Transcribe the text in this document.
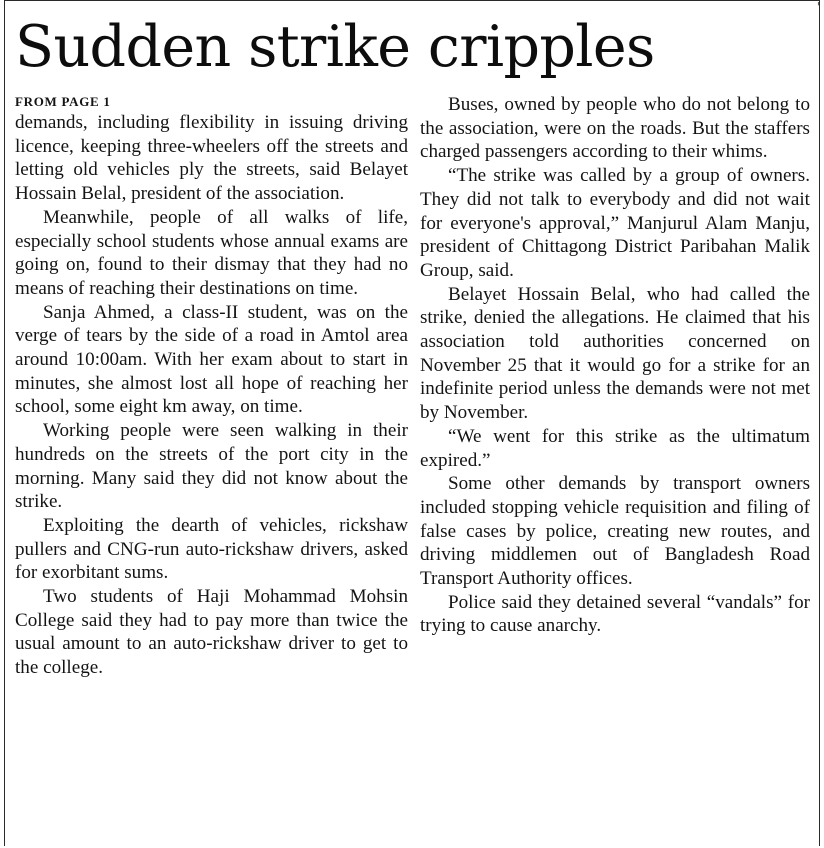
'
Sudden strike cripples
FROM PAGE 1

demands, including flexibility in issuing driving licence, keeping three-wheelers off the streets and letting old vehicles ply the streets, said Belayet Hossain Belal, president of the association.

Meanwhile, people of all walks of life, especially school students whose annual exams are going on, found to their dismay that they had no means of reaching their destinations on time.

Sanja Ahmed, a class-II student, was on the verge of tears by the side of a road in Amtol area around 10:00am. With her exam about to start in minutes, she almost lost all hope of reaching her school, some eight km away, on time.

Working people were seen walking in their hundreds on the streets of the port city in the morning. Many said they did not know about the strike.

Exploiting the dearth of vehicles, rickshaw pullers and CNG-run auto-rickshaw drivers, asked for exorbitant sums.

Two students of Haji Mohammad Mohsin College said they had to pay more than twice the usual amount to an auto-rickshaw driver to get to the college.

Buses, owned by people who do not belong to the association, were on the roads. But the staffers charged passengers according to their whims.

“The strike was called by a group of owners. They did not talk to everybody and did not wait for everyone's approval,” Manjurul Alam Manju, president of Chittagong District Paribahan Malik Group, said.

Belayet Hossain Belal, who had called the strike, denied the allegations. He claimed that his association told authorities concerned on November 25 that it would go for a strike for an indefinite period unless the demands were not met by November.

“We went for this strike as the ultimatum expired.”

Some other demands by transport owners included stopping vehicle requisition and filing of false cases by police, creating new routes, and driving middlemen out of Bangladesh Road Transport Authority offices.

Police said they detained several “vandals” for trying to cause anarchy.
